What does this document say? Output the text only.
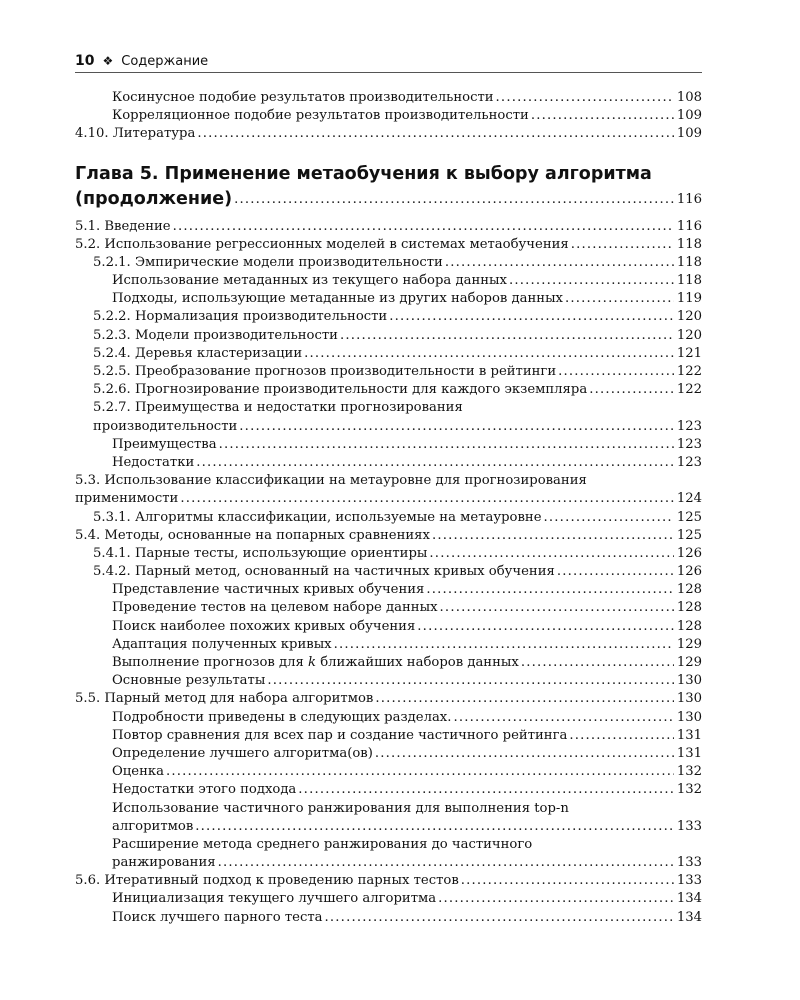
10 ❖ Содержание
Косинусное подобие результатов производительности . . .	108
Корреляционное подобие результатов производительности . . .	109
4.10. Литература . . .	109
Глава 5. Применение метаобучения к выбору алгоритма
(продолжение) . . .	116
5.1. Введение . . .	116
5.2. Использование регрессионных моделей в системах метаобучения . . .	118
5.2.1. Эмпирические модели производительности . . .	118
Использование метаданных из текущего набора данных . . .	118
Подходы, использующие метаданные из других наборов данных . . .	119
5.2.2. Нормализация производительности . . .	120
5.2.3. Модели производительности . . .	120
5.2.4. Деревья кластеризации . . .	121
5.2.5. Преобразование прогнозов производительности в рейтинги . . .	122
5.2.6. Прогнозирование производительности для каждого экземпляра . . .	122
5.2.7. Преимущества и недостатки прогнозирования
производительности . . .	123
Преимущества . . .	123
Недостатки . . .	123
5.3. Использование классификации на метауровне для прогнозирования
применимости . . .	124
5.3.1. Алгоритмы классификации, используемые на метауровне . . .	125
5.4. Методы, основанные на попарных сравнениях . . .	125
5.4.1. Парные тесты, использующие ориентиры . . .	126
5.4.2. Парный метод, основанный на частичных кривых обучения . . .	126
Представление частичных кривых обучения . . .	128
Проведение тестов на целевом наборе данных . . .	128
Поиск наиболее похожих кривых обучения . . .	128
Адаптация полученных кривых . . .	129
Выполнение прогнозов для k ближайших наборов данных . . .	129
Основные результаты . . .	130
5.5. Парный метод для набора алгоритмов . . .	130
Подробности приведены в следующих разделах. . . .	130
Повтор сравнения для всех пар и создание частичного рейтинга . . .	131
Определение лучшего алгоритма(ов) . . .	131
Оценка . . .	132
Недостатки этого подхода . . .	132
Использование частичного ранжирования для выполнения top-n
алгоритмов . . .	133
Расширение метода среднего ранжирования до частичного
ранжирования . . .	133
5.6. Итеративный подход к проведению парных тестов . . .	133
Инициализация текущего лучшего алгоритма . . .	134
Поиск лучшего парного теста . . .	134
